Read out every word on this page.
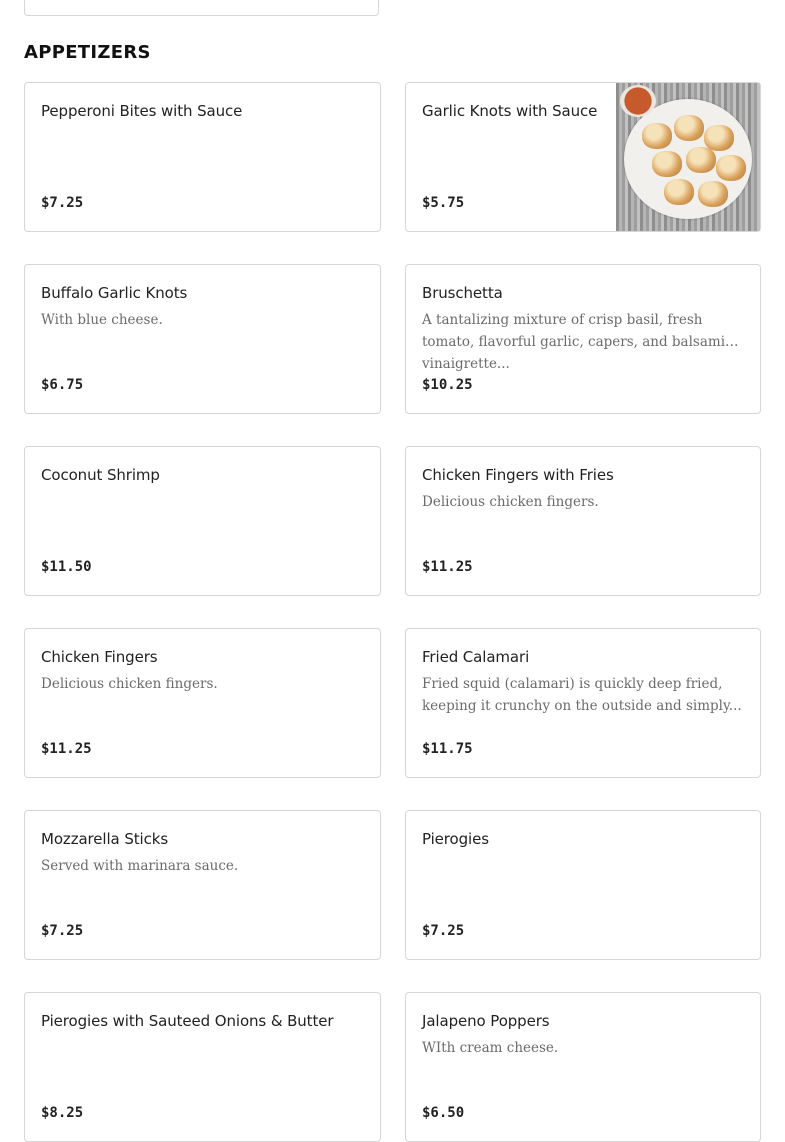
APPETIZERS
Pepperoni Bites with Sauce
$7.25
Garlic Knots with Sauce
$5.75
Buffalo Garlic Knots
With blue cheese.
$6.75
Bruschetta
A tantalizing mixture of crisp basil, fresh tomato, flavorful garlic, capers, and balsamic vinaigrette...
$10.25
Coconut Shrimp
$11.50
Chicken Fingers with Fries
Delicious chicken fingers.
$11.25
Chicken Fingers
Delicious chicken fingers.
$11.25
Fried Calamari
Fried squid (calamari) is quickly deep fried, keeping it crunchy on the outside and simply...
$11.75
Mozzarella Sticks
Served with marinara sauce.
$7.25
Pierogies
$7.25
Pierogies with Sauteed Onions & Butter
$8.25
Jalapeno Poppers
WIth cream cheese.
$6.50
